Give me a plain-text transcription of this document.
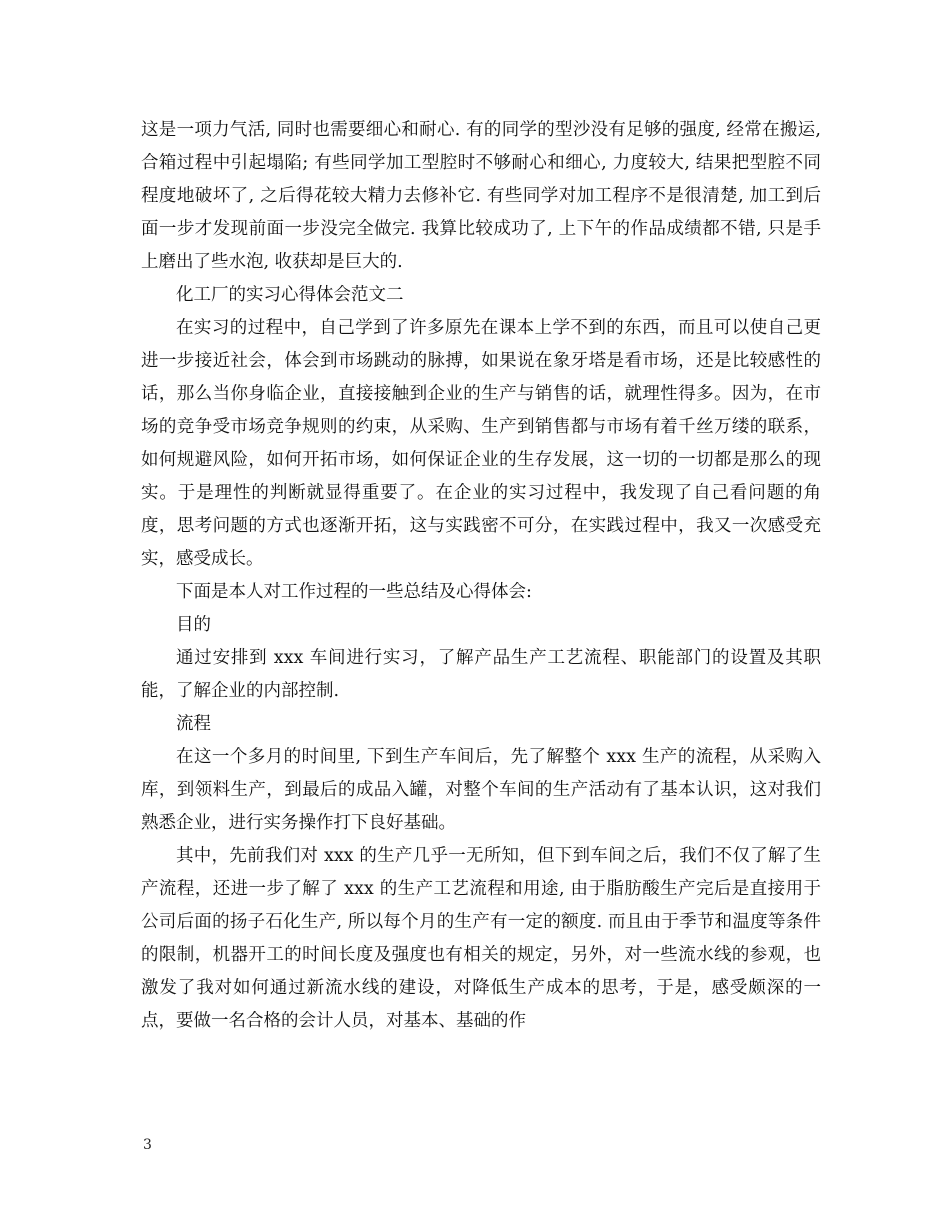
这是一项力气活, 同时也需要细心和耐心. 有的同学的型沙没有足够的强度, 经常在搬运, 合箱过程中引起塌陷; 有些同学加工型腔时不够耐心和细心, 力度较大, 结果把型腔不同程度地破坏了, 之后得花较大精力去修补它. 有些同学对加工程序不是很清楚, 加工到后面一步才发现前面一步没完全做完. 我算比较成功了, 上下午的作品成绩都不错, 只是手上磨出了些水泡, 收获却是巨大的.

化工厂的实习心得体会范文二

在实习的过程中，自己学到了许多原先在课本上学不到的东西，而且可以使自己更进一步接近社会，体会到市场跳动的脉搏，如果说在象牙塔是看市场，还是比较感性的话，那么当你身临企业，直接接触到企业的生产与销售的话，就理性得多。因为，在市场的竞争受市场竞争规则的约束，从采购、生产到销售都与市场有着千丝万缕的联系，如何规避风险，如何开拓市场，如何保证企业的生存发展，这一切的一切都是那么的现实。于是理性的判断就显得重要了。在企业的实习过程中，我发现了自己看问题的角度，思考问题的方式也逐渐开拓，这与实践密不可分，在实践过程中，我又一次感受充实，感受成长。

下面是本人对工作过程的一些总结及心得体会:

目的

通过安排到 xxx 车间进行实习，了解产品生产工艺流程、职能部门的设置及其职能，了解企业的内部控制.

流程

在这一个多月的时间里, 下到生产车间后，先了解整个 xxx 生产的流程，从采购入库，到领料生产，到最后的成品入罐，对整个车间的生产活动有了基本认识，这对我们熟悉企业，进行实务操作打下良好基础。

其中，先前我们对 xxx 的生产几乎一无所知，但下到车间之后，我们不仅了解了生产流程，还进一步了解了 xxx 的生产工艺流程和用途, 由于脂肪酸生产完后是直接用于公司后面的扬子石化生产, 所以每个月的生产有一定的额度. 而且由于季节和温度等条件的限制，机器开工的时间长度及强度也有相关的规定，另外，对一些流水线的参观，也激发了我对如何通过新流水线的建设，对降低生产成本的思考，于是，感受颇深的一点，要做一名合格的会计人员，对基本、基础的作

3
